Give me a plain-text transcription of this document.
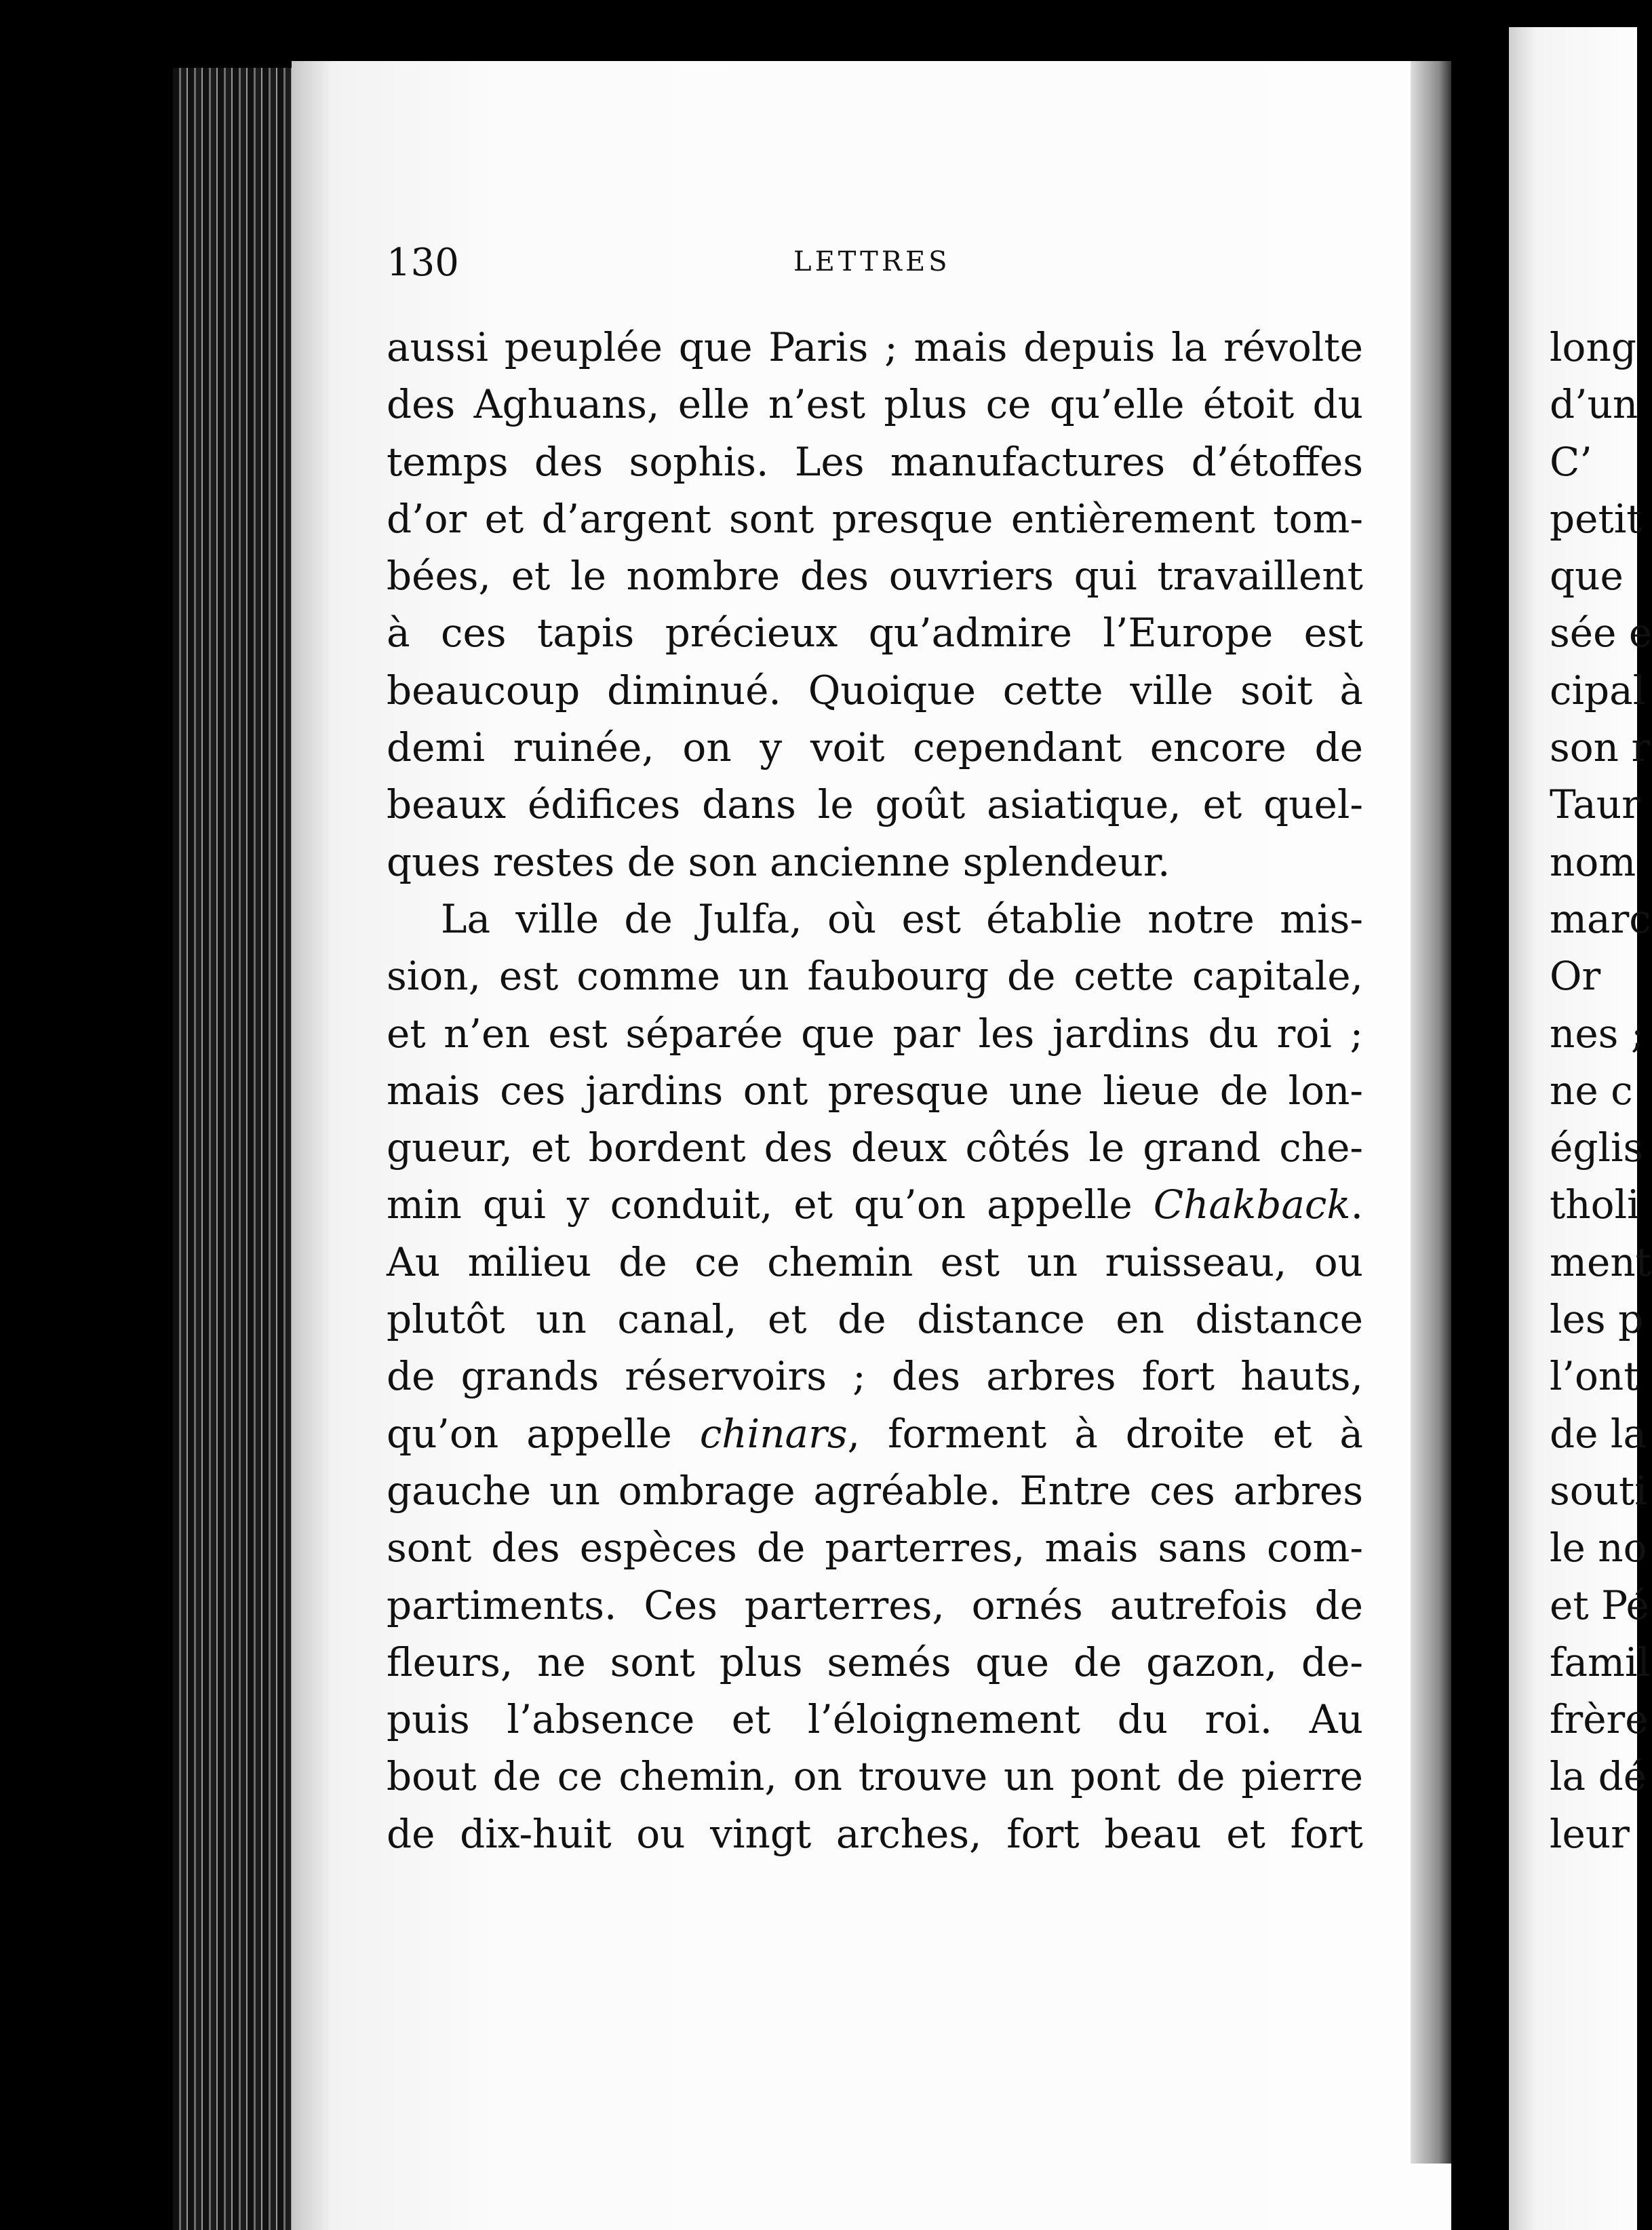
130	LETTRES
aussi peuplée que Paris ; mais depuis la révolte
des Aghuans, elle n’est plus ce qu’elle étoit du
temps des sophis. Les manufactures d’étoffes
d’or et d’argent sont presque entièrement tom-
bées, et le nombre des ouvriers qui travaillent
à ces tapis précieux qu’admire l’Europe est
beaucoup diminué. Quoique cette ville soit à
demi ruinée, on y voit cependant encore de
beaux édifices dans le goût asiatique, et quel-
ques restes de son ancienne splendeur.
La ville de Julfa, où est établie notre mis-
sion, est comme un faubourg de cette capitale,
et n’en est séparée que par les jardins du roi ;
mais ces jardins ont presque une lieue de lon-
gueur, et bordent des deux côtés le grand che-
min qui y conduit, et qu’on appelle Chakback.
Au milieu de ce chemin est un ruisseau, ou
plutôt un canal, et de distance en distance
de grands réservoirs ; des arbres fort hauts,
qu’on appelle chinars, forment à droite et à
gauche un ombrage agréable. Entre ces arbres
sont des espèces de parterres, mais sans com-
partiments. Ces parterres, ornés autrefois de
fleurs, ne sont plus semés que de gazon, de-
puis l’absence et l’éloignement du roi. Au
bout de ce chemin, on trouve un pont de pierre
de dix-huit ou vingt arches, fort beau et fort
long
d’un
C’
petit
que
sée e
cipal
son r
Taur
nom
marc
Or
nes ;
ne c
églis
tholi
ment
les p
l’ont
de la
souti
le no
et Pé
famil
frère
la dé
leur
